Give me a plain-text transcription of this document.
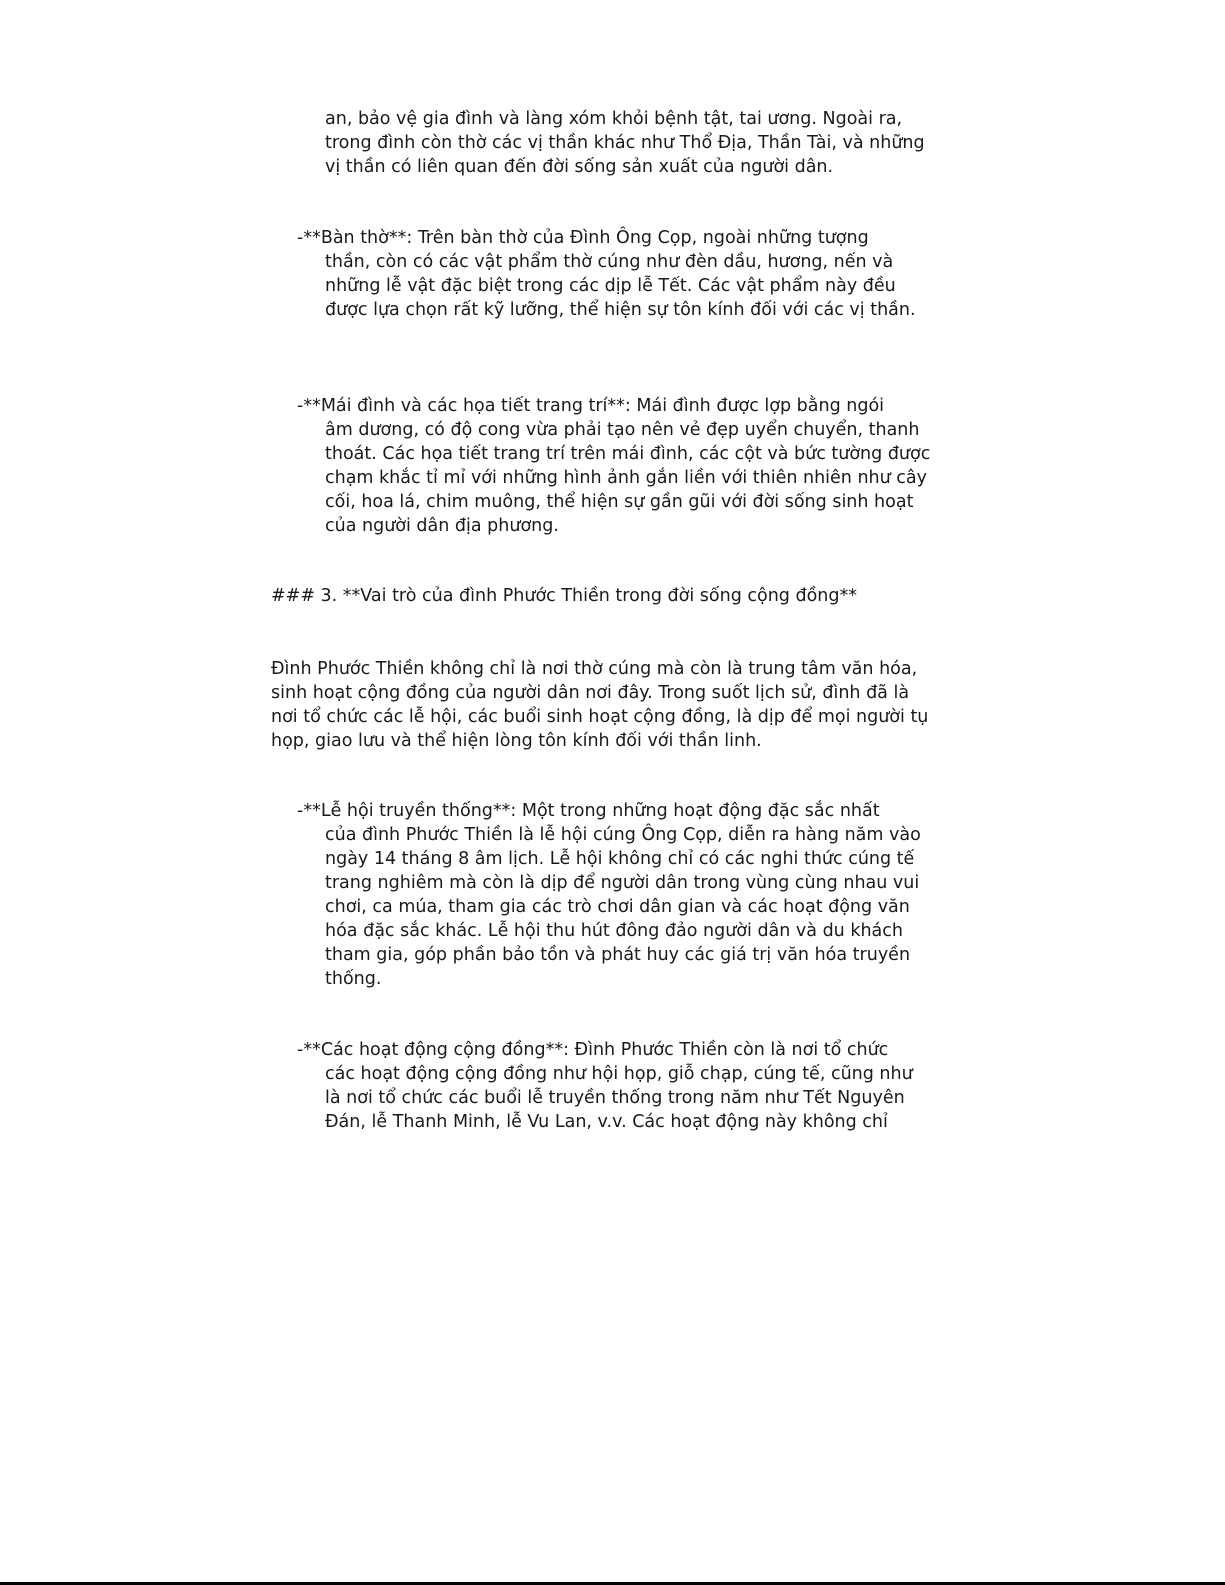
an, bảo vệ gia đình và làng xóm khỏi bệnh tật, tai ương. Ngoài ra,
trong đình còn thờ các vị thần khác như Thổ Địa, Thần Tài, và những
vị thần có liên quan đến đời sống sản xuất của người dân.
-**Bàn thờ**: Trên bàn thờ của Đình Ông Cọp, ngoài những tượng
thần, còn có các vật phẩm thờ cúng như đèn dầu, hương, nến và
những lễ vật đặc biệt trong các dịp lễ Tết. Các vật phẩm này đều
được lựa chọn rất kỹ lưỡng, thể hiện sự tôn kính đối với các vị thần.
-**Mái đình và các họa tiết trang trí**: Mái đình được lợp bằng ngói
âm dương, có độ cong vừa phải tạo nên vẻ đẹp uyển chuyển, thanh
thoát. Các họa tiết trang trí trên mái đình, các cột và bức tường được
chạm khắc tỉ mỉ với những hình ảnh gắn liền với thiên nhiên như cây
cối, hoa lá, chim muông, thể hiện sự gần gũi với đời sống sinh hoạt
của người dân địa phương.
### 3. **Vai trò của đình Phước Thiền trong đời sống cộng đồng**
Đình Phước Thiền không chỉ là nơi thờ cúng mà còn là trung tâm văn hóa,
sinh hoạt cộng đồng của người dân nơi đây. Trong suốt lịch sử, đình đã là
nơi tổ chức các lễ hội, các buổi sinh hoạt cộng đồng, là dịp để mọi người tụ
họp, giao lưu và thể hiện lòng tôn kính đối với thần linh.
-**Lễ hội truyền thống**: Một trong những hoạt động đặc sắc nhất
của đình Phước Thiền là lễ hội cúng Ông Cọp, diễn ra hàng năm vào
ngày 14 tháng 8 âm lịch. Lễ hội không chỉ có các nghi thức cúng tế
trang nghiêm mà còn là dịp để người dân trong vùng cùng nhau vui
chơi, ca múa, tham gia các trò chơi dân gian và các hoạt động văn
hóa đặc sắc khác. Lễ hội thu hút đông đảo người dân và du khách
tham gia, góp phần bảo tồn và phát huy các giá trị văn hóa truyền
thống.
-**Các hoạt động cộng đồng**: Đình Phước Thiền còn là nơi tổ chức
các hoạt động cộng đồng như hội họp, giỗ chạp, cúng tế, cũng như
là nơi tổ chức các buổi lễ truyền thống trong năm như Tết Nguyên
Đán, lễ Thanh Minh, lễ Vu Lan, v.v. Các hoạt động này không chỉ
